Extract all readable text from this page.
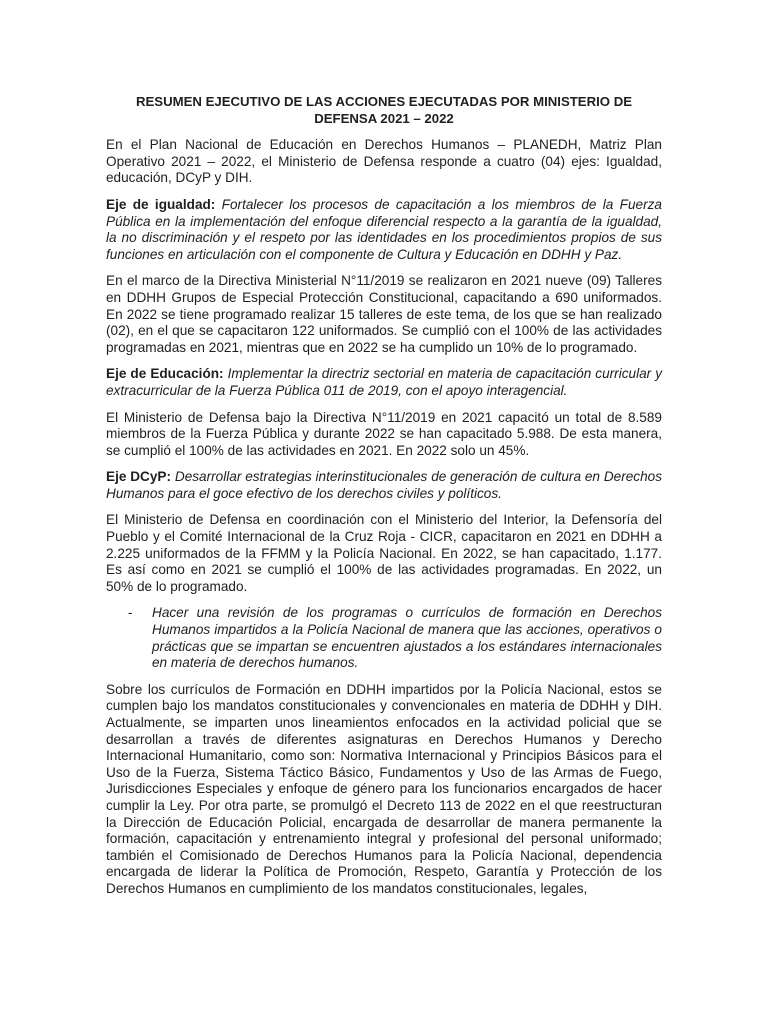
RESUMEN EJECUTIVO DE LAS ACCIONES EJECUTADAS POR MINISTERIO DE
DEFENSA 2021 – 2022

En el Plan Nacional de Educación en Derechos Humanos – PLANEDH, Matriz Plan Operativo 2021 – 2022, el Ministerio de Defensa responde a cuatro (04) ejes: Igualdad, educación, DCyP y DIH.

Eje de igualdad: Fortalecer los procesos de capacitación a los miembros de la Fuerza Pública en la implementación del enfoque diferencial respecto a la garantía de la igualdad, la no discriminación y el respeto por las identidades en los procedimientos propios de sus funciones en articulación con el componente de Cultura y Educación en DDHH y Paz.

En el marco de la Directiva Ministerial N°11/2019 se realizaron en 2021 nueve (09) Talleres en DDHH Grupos de Especial Protección Constitucional, capacitando a 690 uniformados. En 2022 se tiene programado realizar 15 talleres de este tema, de los que se han realizado (02), en el que se capacitaron 122 uniformados. Se cumplió con el 100% de las actividades programadas en 2021, mientras que en 2022 se ha cumplido un 10% de lo programado.

Eje de Educación: Implementar la directriz sectorial en materia de capacitación curricular y extracurricular de la Fuerza Pública 011 de 2019, con el apoyo interagencial.

El Ministerio de Defensa bajo la Directiva N°11/2019 en 2021 capacitó un total de 8.589 miembros de la Fuerza Pública y durante 2022 se han capacitado 5.988. De esta manera, se cumplió el 100% de las actividades en 2021. En 2022 solo un 45%.

Eje DCyP: Desarrollar estrategias interinstitucionales de generación de cultura en Derechos Humanos para el goce efectivo de los derechos civiles y políticos.

El Ministerio de Defensa en coordinación con el Ministerio del Interior, la Defensoría del Pueblo y el Comité Internacional de la Cruz Roja - CICR, capacitaron en 2021 en DDHH a 2.225 uniformados de la FFMM y la Policía Nacional. En 2022, se han capacitado, 1.177. Es así como en 2021 se cumplió el 100% de las actividades programadas. En 2022, un 50% de lo programado.

-	Hacer una revisión de los programas o currículos de formación en Derechos Humanos impartidos a la Policía Nacional de manera que las acciones, operativos o prácticas que se impartan se encuentren ajustados a los estándares internacionales en materia de derechos humanos.

Sobre los currículos de Formación en DDHH impartidos por la Policía Nacional, estos se cumplen bajo los mandatos constitucionales y convencionales en materia de DDHH y DIH. Actualmente, se imparten unos lineamientos enfocados en la actividad policial que se desarrollan a través de diferentes asignaturas en Derechos Humanos y Derecho Internacional Humanitario, como son: Normativa Internacional y Principios Básicos para el Uso de la Fuerza, Sistema Táctico Básico, Fundamentos y Uso de las Armas de Fuego, Jurisdicciones Especiales y enfoque de género para los funcionarios encargados de hacer cumplir la Ley. Por otra parte, se promulgó el Decreto 113 de 2022 en el que reestructuran la Dirección de Educación Policial, encargada de desarrollar de manera permanente la formación, capacitación y entrenamiento integral y profesional del personal uniformado; también el Comisionado de Derechos Humanos para la Policía Nacional, dependencia encargada de liderar la Política de Promoción, Respeto, Garantía y Protección de los Derechos Humanos en cumplimiento de los mandatos constitucionales, legales,
